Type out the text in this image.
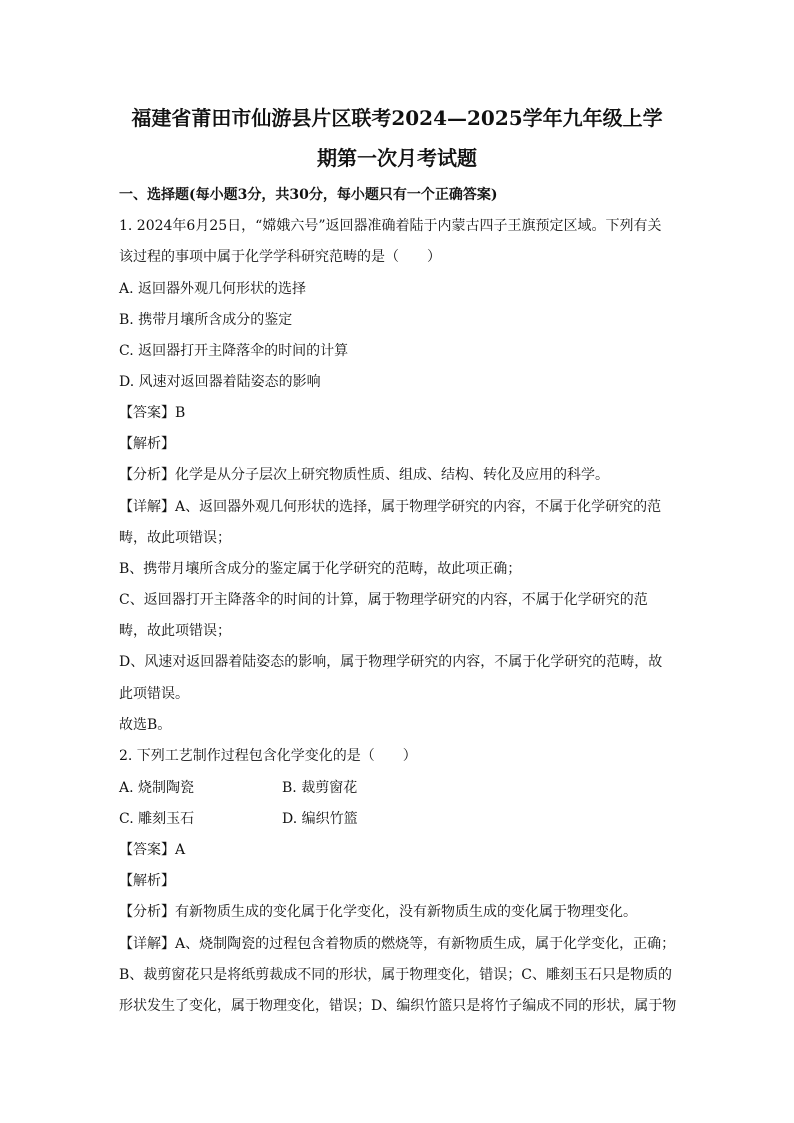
福建省莆田市仙游县片区联考2024—2025学年九年级上学
期第一次月考试题
一、选择题(每小题3分，共30分，每小题只有一个正确答案)
1. 2024年6月25日，“嫦娥六号”返回器准确着陆于内蒙古四子王旗预定区域。下列有关
该过程的事项中属于化学学科研究范畴的是（　　）
A. 返回器外观几何形状的选择
B. 携带月壤所含成分的鉴定
C. 返回器打开主降落伞的时间的计算
D. 风速对返回器着陆姿态的影响
【答案】B
【解析】
【分析】化学是从分子层次上研究物质性质、组成、结构、转化及应用的科学。
【详解】A、返回器外观几何形状的选择，属于物理学研究的内容，不属于化学研究的范
畴，故此项错误；
B、携带月壤所含成分的鉴定属于化学研究的范畴，故此项正确；
C、返回器打开主降落伞的时间的计算，属于物理学研究的内容，不属于化学研究的范
畴，故此项错误；
D、风速对返回器着陆姿态的影响，属于物理学研究的内容，不属于化学研究的范畴，故
此项错误。
故选B。
2. 下列工艺制作过程包含化学变化的是（　　）
A. 烧制陶瓷	B. 裁剪窗花
C. 雕刻玉石	D. 编织竹篮
【答案】A
【解析】
【分析】有新物质生成的变化属于化学变化，没有新物质生成的变化属于物理变化。
【详解】A、烧制陶瓷的过程包含着物质的燃烧等，有新物质生成，属于化学变化，正确；
B、裁剪窗花只是将纸剪裁成不同的形状，属于物理变化，错误；C、雕刻玉石只是物质的
形状发生了变化，属于物理变化，错误；D、编织竹篮只是将竹子编成不同的形状，属于物
